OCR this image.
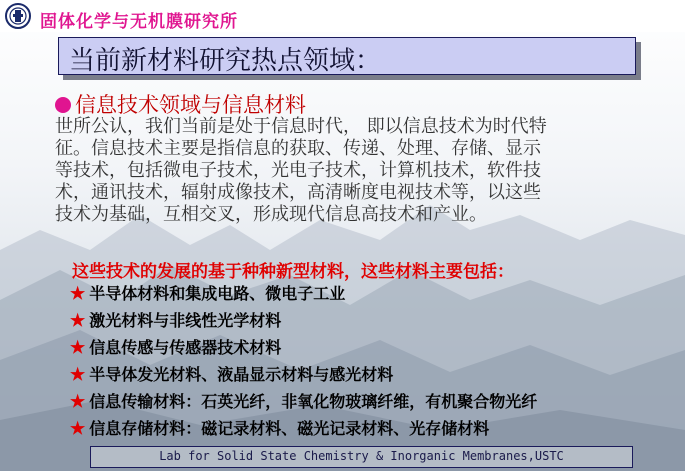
固体化学与无机膜研究所
当前新材料研究热点领域：
信息技术领域与信息材料
世所公认，我们当前是处于信息时代， 即以信息技术为时代特
征。信息技术主要是指信息的获取、传递、处理、存储、显示
等技术，包括微电子技术，光电子技术，计算机技术，软件技
术，通讯技术，辐射成像技术，高清晰度电视技术等，以这些
技术为基础，互相交叉，形成现代信息高技术和产业。
这些技术的发展的基于种种新型材料，这些材料主要包括：
★ 半导体材料和集成电路、微电子工业
★ 激光材料与非线性光学材料
★ 信息传感与传感器技术材料
★ 半导体发光材料、液晶显示材料与感光材料
★ 信息传输材料：石英光纤，非氧化物玻璃纤维，有机聚合物光纤
★ 信息存储材料：磁记录材料、磁光记录材料、光存储材料
Lab for Solid State Chemistry & Inorganic Membranes,USTC
